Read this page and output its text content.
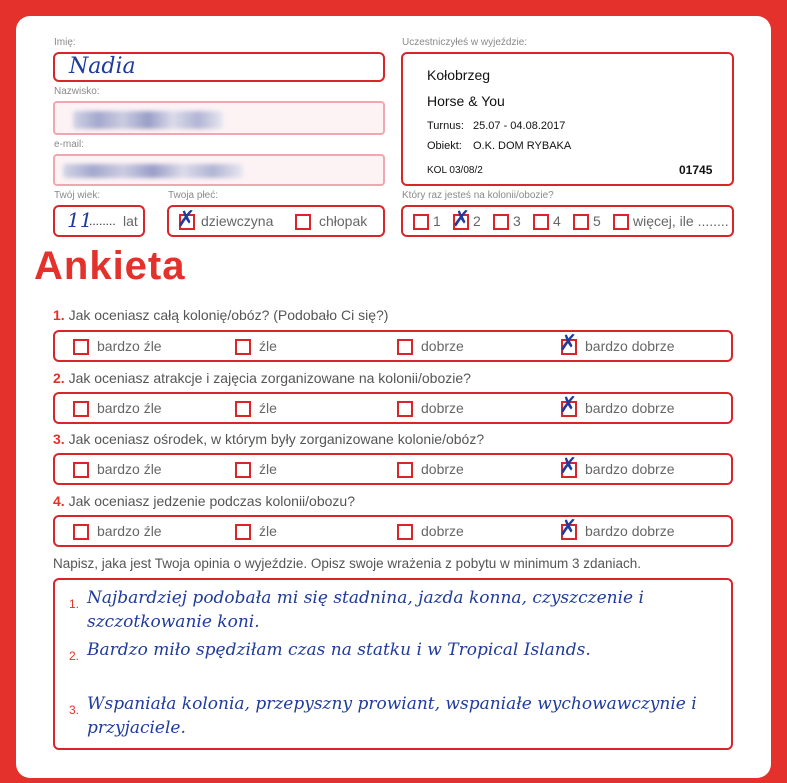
Imię:
Nadia
Nazwisko:
e-mail:
Twój wiek:
11
........ lat
Twoja płeć:
✗ dziewczyna	chłopak
Uczestniczyłeś w wyjeździe:
Kołobrzeg
Horse & You
Turnus: 25.07 - 04.08.2017
Obiekt: O.K. DOM RYBAKA
KOL 03/08/2	01745
Który raz jesteś na kolonii/obozie?
1 ✗ 2 3 4 5 więcej, ile ........
Ankieta
1. Jak oceniasz całą kolonię/obóz? (Podobało Ci się?)
bardzo źle	źle	dobrze	✗ bardzo dobrze
2. Jak oceniasz atrakcje i zajęcia zorganizowane na kolonii/obozie?
bardzo źle	źle	dobrze	✗ bardzo dobrze
3. Jak oceniasz ośrodek, w którym były zorganizowane kolonie/obóz?
bardzo źle	źle	dobrze	✗ bardzo dobrze
4. Jak oceniasz jedzenie podczas kolonii/obozu?
bardzo źle	źle	dobrze	✗ bardzo dobrze
Napisz, jaka jest Twoja opinia o wyjeździe. Opisz swoje wrażenia z pobytu w minimum 3 zdaniach.
1. Najbardziej podobała mi się stadnina, jazda konna, czyszczenie i szczotkowanie koni.
2. Bardzo miło spędziłam czas na statku i w Tropical Islands.
3. Wspaniała kolonia, przepyszny prowiant, wspaniałe wychowawczynie i przyjaciele.
